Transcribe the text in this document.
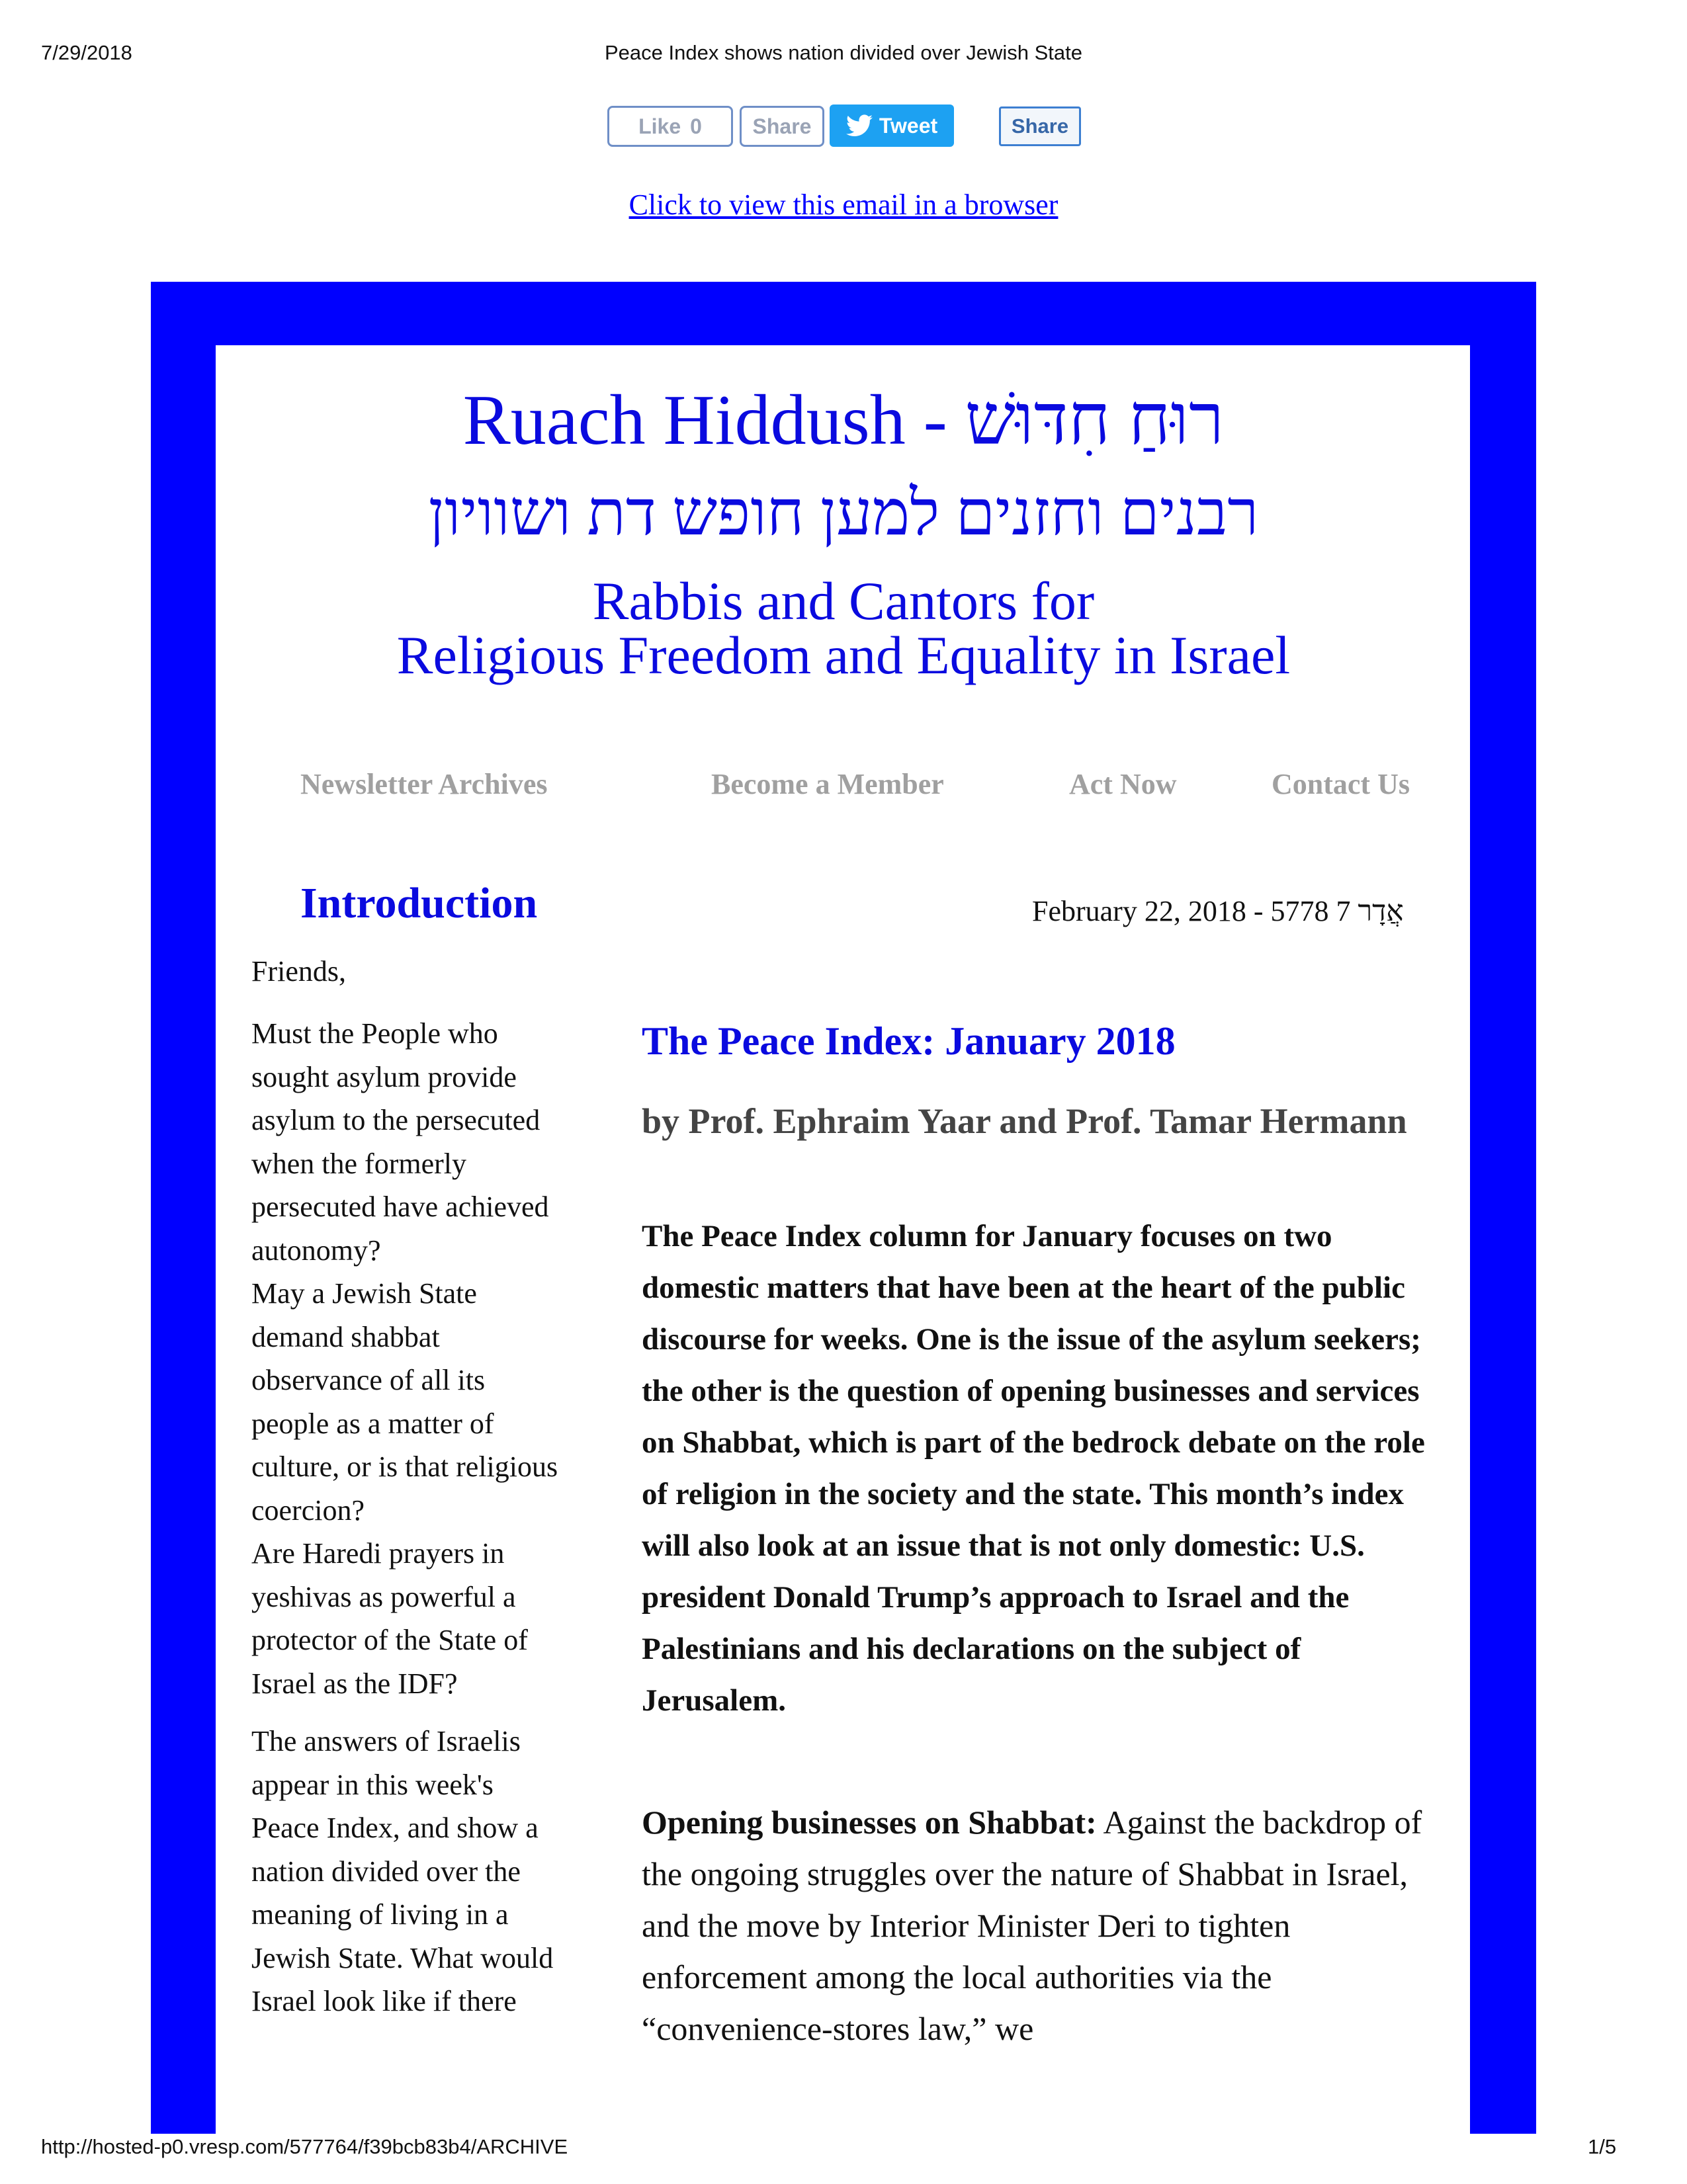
7/29/2018	Peace Index shows nation divided over Jewish State
Like 0 Share	Tweet	Share
Click to view this email in a browser
Ruach Hiddush - רוּחַ חִדּוּשׁ
רבנים וחזנים למען חופש דת ושוויון
Rabbis and Cantors for
Religious Freedom and Equality in Israel
Newsletter Archives	Become a Member	Act Now	Contact Us
Introduction	February 22, 2018 - 5778 אֲדָר 7
Friends,
Must the People who
sought asylum provide
asylum to the persecuted
when the formerly
persecuted have achieved
autonomy?
May a Jewish State
demand shabbat
observance of all its
people as a matter of
culture, or is that religious
coercion?
Are Haredi prayers in
yeshivas as powerful a
protector of the State of
Israel as the IDF?
The answers of Israelis
appear in this week's
Peace Index, and show a
nation divided over the
meaning of living in a
Jewish State. What would
Israel look like if there
The Peace Index: January 2018
by Prof. Ephraim Yaar and Prof. Tamar Hermann
The Peace Index column for January focuses on two domestic matters that have been at the heart of the public discourse for weeks. One is the issue of the asylum seekers; the other is the question of opening businesses and services on Shabbat, which is part of the bedrock debate on the role of religion in the society and the state. This month’s index will also look at an issue that is not only domestic: U.S. president Donald Trump’s approach to Israel and the Palestinians and his declarations on the subject of Jerusalem.
Opening businesses on Shabbat: Against the backdrop of the ongoing struggles over the nature of Shabbat in Israel, and the move by Interior Minister Deri to tighten enforcement among the local authorities via the “convenience-stores law,” we
http://hosted-p0.vresp.com/577764/f39bcb83b4/ARCHIVE	1/5
